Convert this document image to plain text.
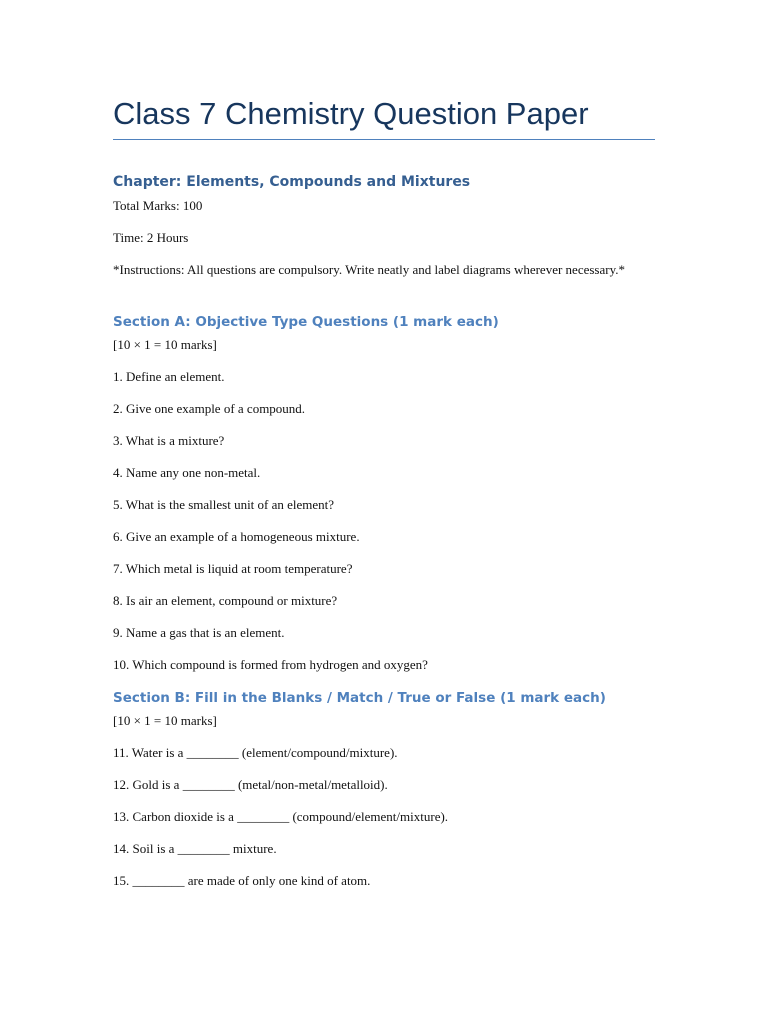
Class 7 Chemistry Question Paper
Chapter: Elements, Compounds and Mixtures

Total Marks: 100

Time: 2 Hours

*Instructions: All questions are compulsory. Write neatly and label diagrams wherever necessary.*

Section A: Objective Type Questions (1 mark each)

[10 × 1 = 10 marks]

1. Define an element.

2. Give one example of a compound.

3. What is a mixture?

4. Name any one non-metal.

5. What is the smallest unit of an element?

6. Give an example of a homogeneous mixture.

7. Which metal is liquid at room temperature?

8. Is air an element, compound or mixture?

9. Name a gas that is an element.

10. Which compound is formed from hydrogen and oxygen?

Section B: Fill in the Blanks / Match / True or False (1 mark each)

[10 × 1 = 10 marks]

11. Water is a ________ (element/compound/mixture).

12. Gold is a ________ (metal/non-metal/metalloid).

13. Carbon dioxide is a ________ (compound/element/mixture).

14. Soil is a ________ mixture.

15. ________ are made of only one kind of atom.
